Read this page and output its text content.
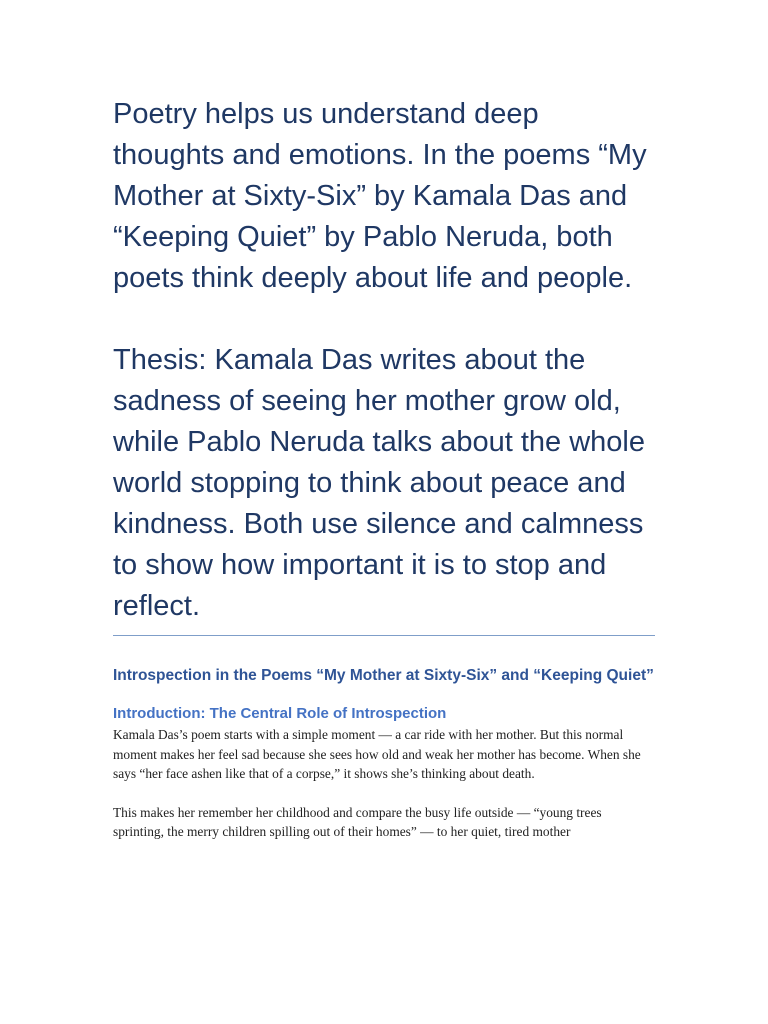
Poetry helps us understand deep thoughts and emotions. In the poems “My Mother at Sixty-Six” by Kamala Das and “Keeping Quiet” by Pablo Neruda, both poets think deeply about life and people.

Thesis: Kamala Das writes about the sadness of seeing her mother grow old, while Pablo Neruda talks about the whole world stopping to think about peace and kindness. Both use silence and calmness to show how important it is to stop and reflect.

Introspection in the Poems “My Mother at Sixty-Six” and “Keeping Quiet”
Introduction: The Central Role of Introspection

Kamala Das’s poem starts with a simple moment — a car ride with her mother. But this normal moment makes her feel sad because she sees how old and weak her mother has become. When she says “her face ashen like that of a corpse,” it shows she’s thinking about death.

This makes her remember her childhood and compare the busy life outside — “young trees sprinting, the merry children spilling out of their homes” — to her quiet, tired mother
